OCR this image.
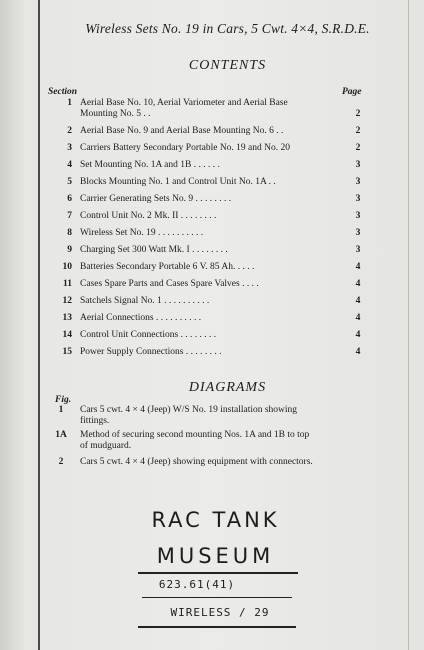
Wireless Sets No. 19 in Cars, 5 Cwt. 4×4, S.R.D.E.
CONTENTS
Section	Page
1 Aerial Base No. 10, Aerial Variometer and Aerial Base
Mounting No. 5 . .	2
2 Aerial Base No. 9 and Aerial Base Mounting No. 6 . .	2
3 Carriers Battery Secondary Portable No. 19 and No. 20	2
4 Set Mounting No. 1A and 1B . . . . . .	3
5 Blocks Mounting No. 1 and Control Unit No. 1A . .	3
6 Carrier Generating Sets No. 9 . . . . . . . .	3
7 Control Unit No. 2 Mk. II . . . . . . . .	3
8 Wireless Set No. 19 . . . . . . . . . .	3
9 Charging Set 300 Watt Mk. I . . . . . . . .	3
10 Batteries Secondary Portable 6 V. 85 Ah. . . . .	4
11 Cases Spare Parts and Cases Spare Valves . . . .	4
12 Satchels Signal No. 1 . . . . . . . . . .	4
13 Aerial Connections . . . . . . . . . .	4
14 Control Unit Connections . . . . . . . .	4
15 Power Supply Connections . . . . . . . .	4
DIAGRAMS
Fig.
1	Cars 5 cwt. 4 × 4 (Jeep) W/S No. 19 installation showing
fittings.
1A	Method of securing second mounting Nos. 1A and 1B to top
of mudguard.
2	Cars 5 cwt. 4 × 4 (Jeep) showing equipment with connectors.
RAC TANK
MUSEUM
623.61(41)
WIRELESS / 29
